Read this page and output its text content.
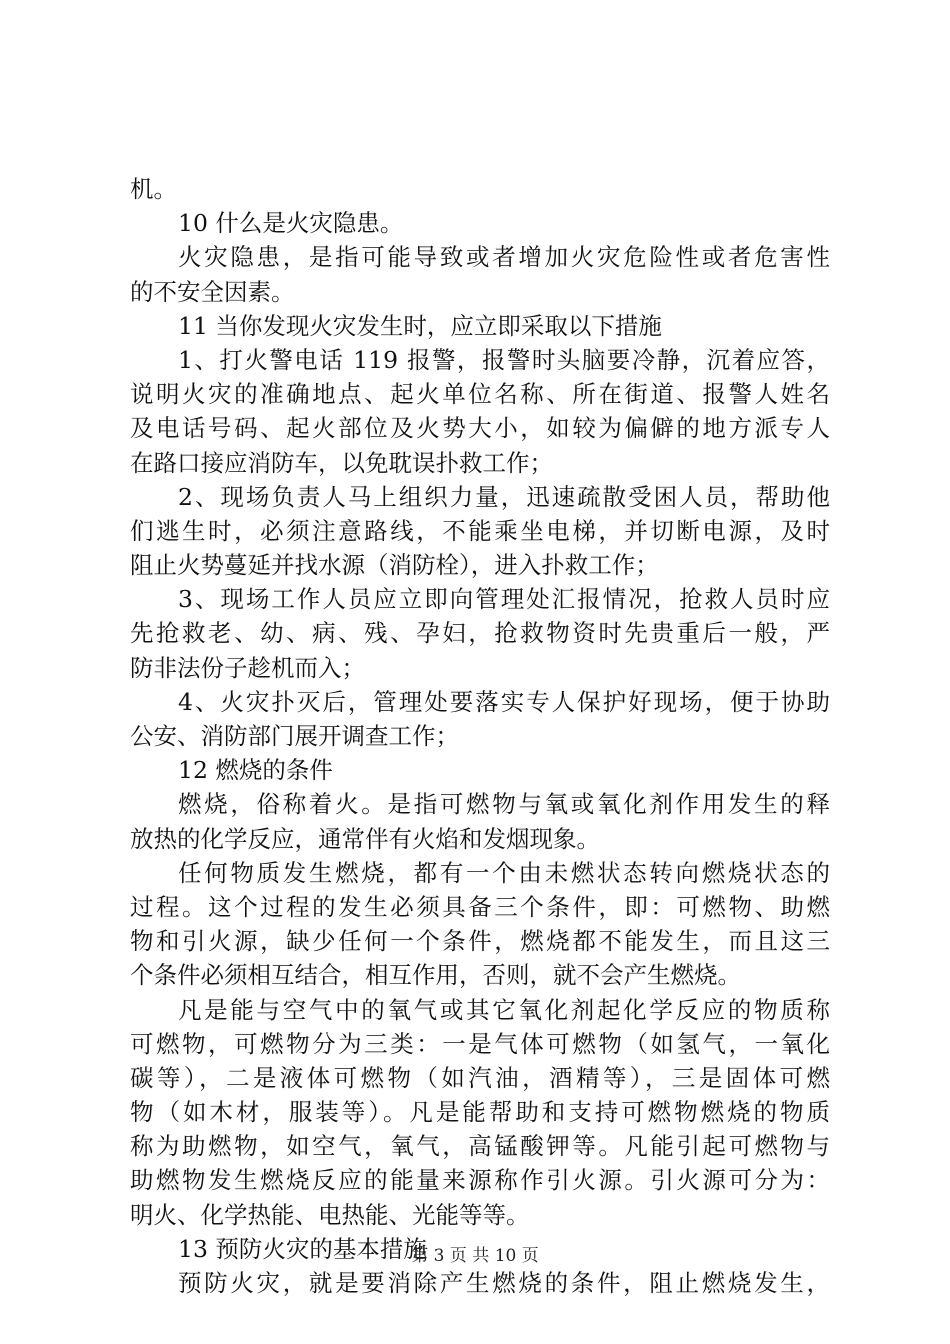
机。
10 什么是火灾隐患。
火灾隐患，是指可能导致或者增加火灾危险性或者危害性
的不安全因素。
11 当你发现火灾发生时，应立即采取以下措施
1、打火警电话 119 报警，报警时头脑要冷静，沉着应答，
说明火灾的准确地点、起火单位名称、所在街道、报警人姓名
及电话号码、起火部位及火势大小，如较为偏僻的地方派专人
在路口接应消防车，以免耽误扑救工作；
2、现场负责人马上组织力量，迅速疏散受困人员，帮助他
们逃生时，必须注意路线，不能乘坐电梯，并切断电源，及时
阻止火势蔓延并找水源（消防栓），进入扑救工作；
3、现场工作人员应立即向管理处汇报情况，抢救人员时应
先抢救老、幼、病、残、孕妇，抢救物资时先贵重后一般，严
防非法份子趁机而入；
4、火灾扑灭后，管理处要落实专人保护好现场，便于协助
公安、消防部门展开调查工作；
12 燃烧的条件
燃烧，俗称着火。是指可燃物与氧或氧化剂作用发生的释
放热的化学反应，通常伴有火焰和发烟现象。
任何物质发生燃烧，都有一个由未燃状态转向燃烧状态的
过程。这个过程的发生必须具备三个条件，即：可燃物、助燃
物和引火源，缺少任何一个条件，燃烧都不能发生，而且这三
个条件必须相互结合，相互作用，否则，就不会产生燃烧。
凡是能与空气中的氧气或其它氧化剂起化学反应的物质称
可燃物，可燃物分为三类：一是气体可燃物（如氢气，一氧化
碳等），二是液体可燃物（如汽油，酒精等），三是固体可燃
物（如木材，服装等）。凡是能帮助和支持可燃物燃烧的物质
称为助燃物，如空气，氧气，高锰酸钾等。凡能引起可燃物与
助燃物发生燃烧反应的能量来源称作引火源。引火源可分为：
明火、化学热能、电热能、光能等等。
13 预防火灾的基本措施
预防火灾，就是要消除产生燃烧的条件，阻止燃烧发生，
第 3 页 共 10 页
